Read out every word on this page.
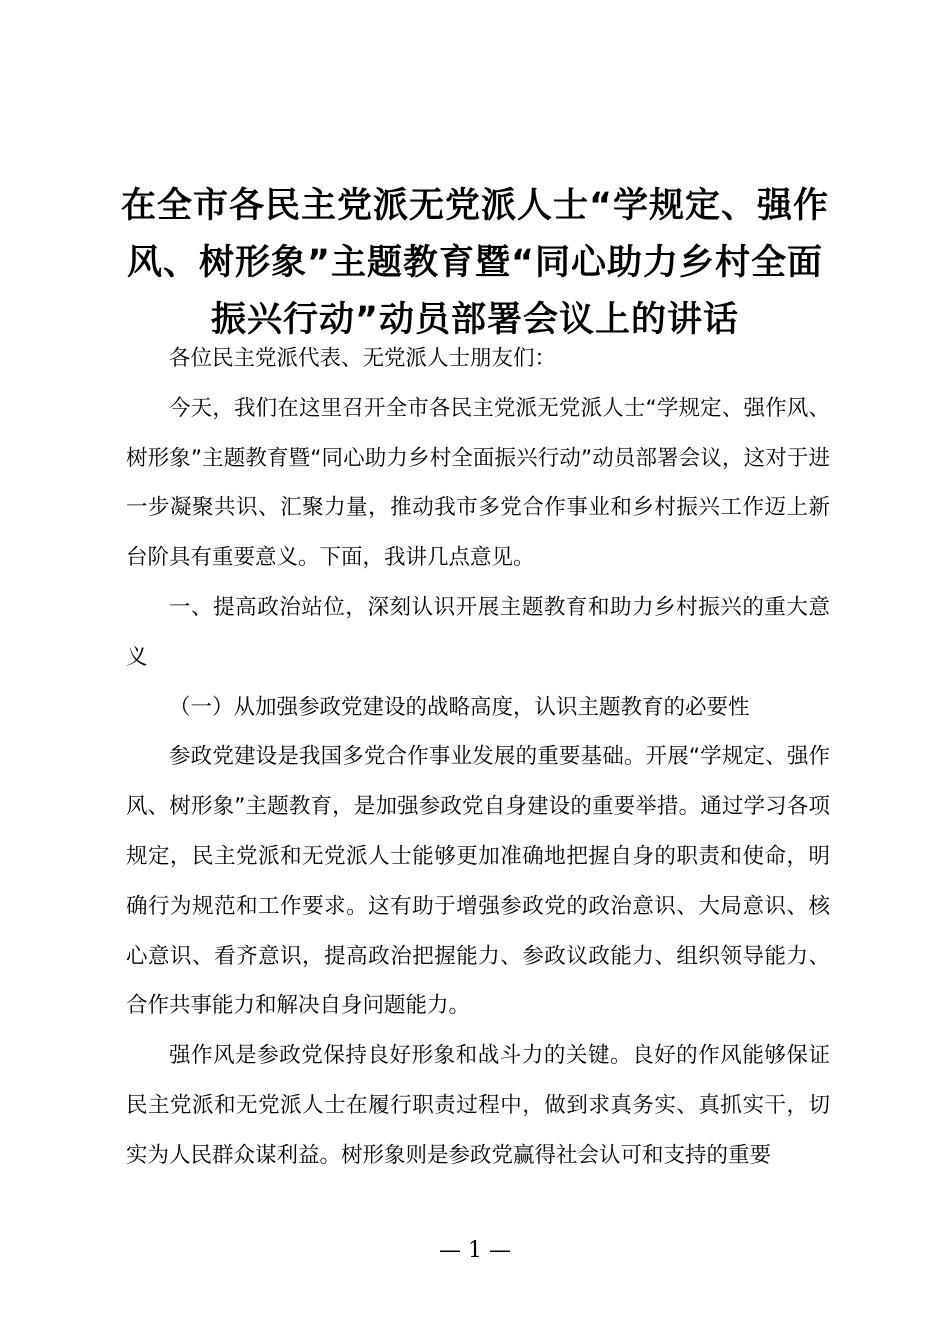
在全市各民主党派无党派人士“学规定、强作风、树形象”主题教育暨“同心助力乡村全面振兴行动”动员部署会议上的讲话

各位民主党派代表、无党派人士朋友们：

今天，我们在这里召开全市各民主党派无党派人士“学规定、强作风、树形象”主题教育暨“同心助力乡村全面振兴行动”动员部署会议，这对于进一步凝聚共识、汇聚力量，推动我市多党合作事业和乡村振兴工作迈上新台阶具有重要意义。下面，我讲几点意见。

一、提高政治站位，深刻认识开展主题教育和助力乡村振兴的重大意义

（一）从加强参政党建设的战略高度，认识主题教育的必要性

参政党建设是我国多党合作事业发展的重要基础。开展“学规定、强作风、树形象”主题教育，是加强参政党自身建设的重要举措。通过学习各项规定，民主党派和无党派人士能够更加准确地把握自身的职责和使命，明确行为规范和工作要求。这有助于增强参政党的政治意识、大局意识、核心意识、看齐意识，提高政治把握能力、参政议政能力、组织领导能力、合作共事能力和解决自身问题能力。

强作风是参政党保持良好形象和战斗力的关键。良好的作风能够保证民主党派和无党派人士在履行职责过程中，做到求真务实、真抓实干，切实为人民群众谋利益。树形象则是参政党赢得社会认可和支持的重要

— 1 —
